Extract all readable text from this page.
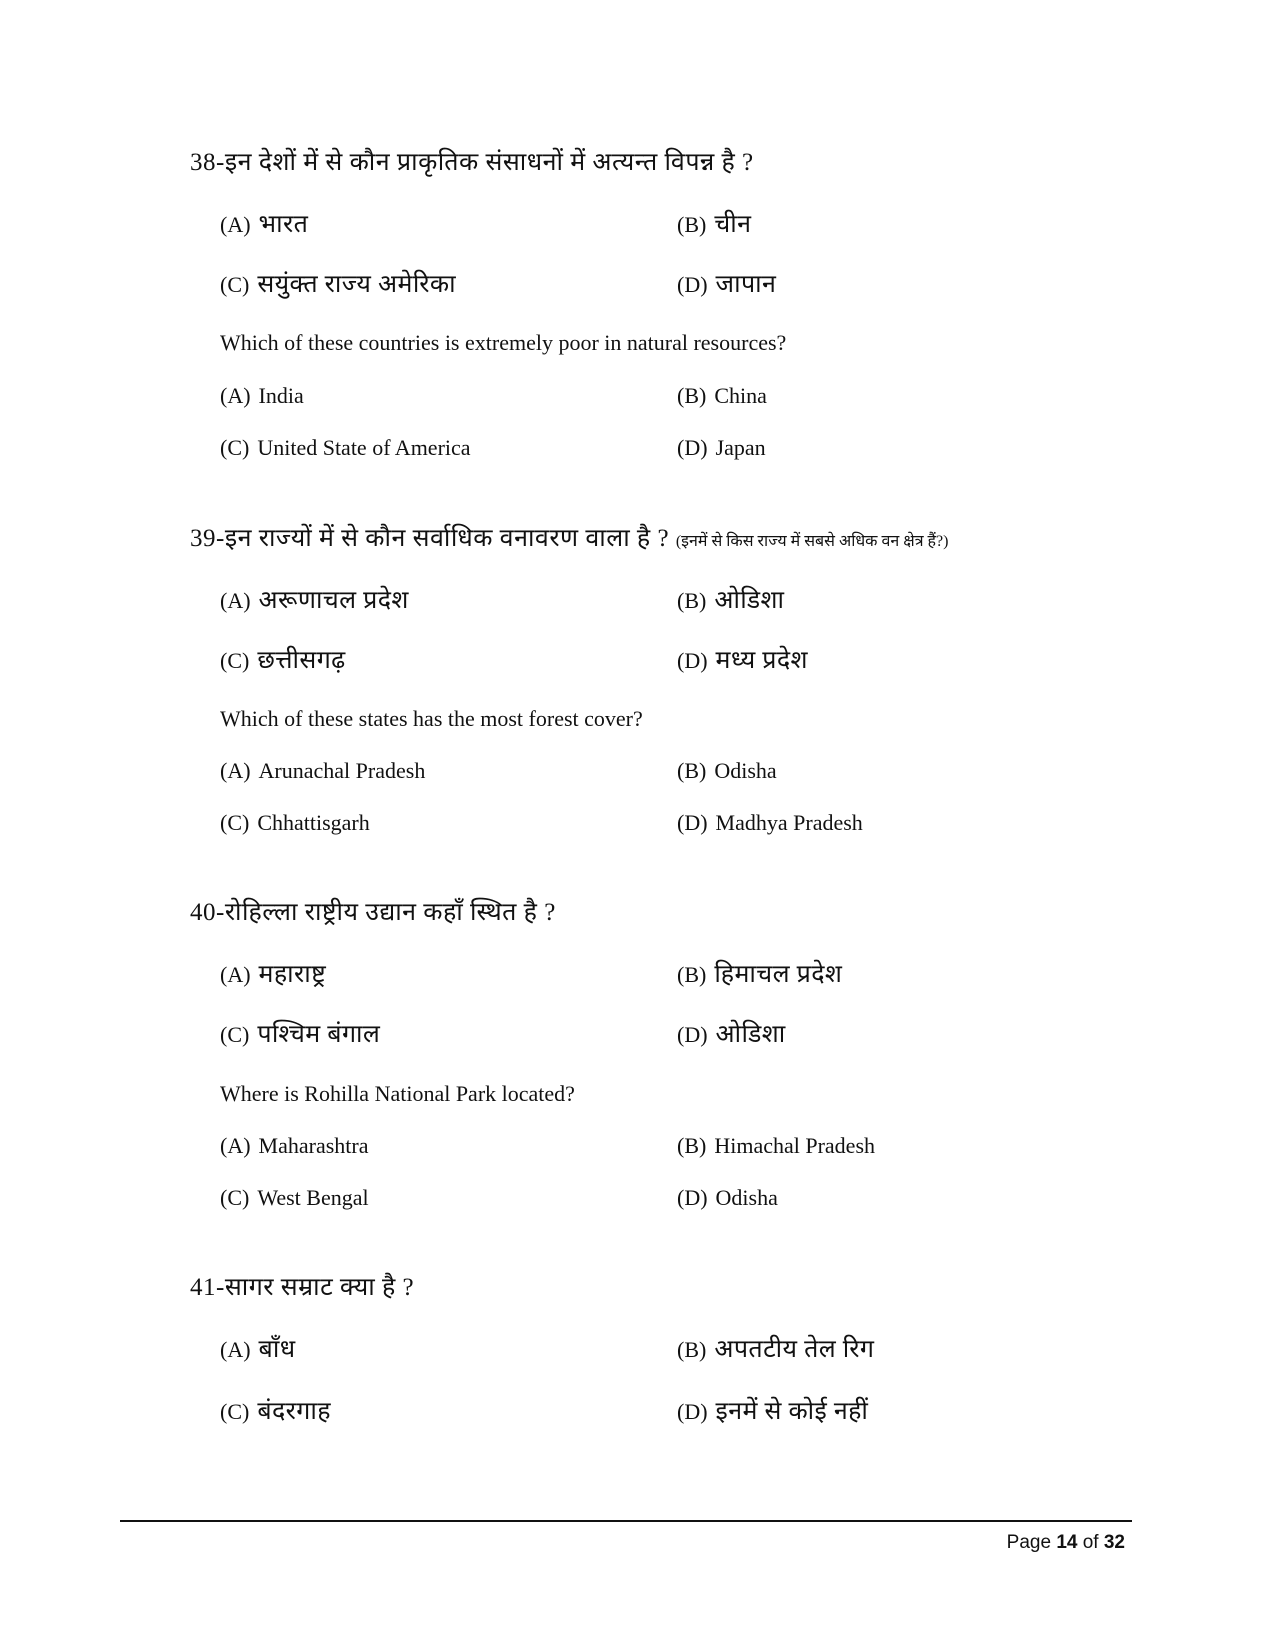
38-इन देशों में से कौन प्राकृतिक संसाधनों में अत्यन्त विपन्न है ?
(A) भारत	(B) चीन
(C) सयुंक्त राज्य अमेरिका	(D) जापान
Which of these countries is extremely poor in natural resources?
(A) India	(B) China
(C) United State of America	(D) Japan
39-इन राज्यों में से कौन सर्वाधिक वनावरण वाला है ? (इनमें से किस राज्य में सबसे अधिक वन क्षेत्र हैं?)
(A) अरूणाचल प्रदेश	(B) ओडिशा
(C) छत्तीसगढ़	(D) मध्य प्रदेश
Which of these states has the most forest cover?
(A) Arunachal Pradesh	(B) Odisha
(C) Chhattisgarh	(D) Madhya Pradesh
40-रोहिल्ला राष्ट्रीय उद्यान कहाँ स्थित है ?
(A) महाराष्ट्र	(B) हिमाचल प्रदेश
(C) पश्चिम बंगाल	(D) ओडिशा
Where is Rohilla National Park located?
(A) Maharashtra	(B) Himachal Pradesh
(C) West Bengal	(D) Odisha
41-सागर सम्राट क्या है ?
(A) बाँध	(B) अपतटीय तेल रिग
(C) बंदरगाह	(D) इनमें से कोई नहीं
Page 14 of 32
